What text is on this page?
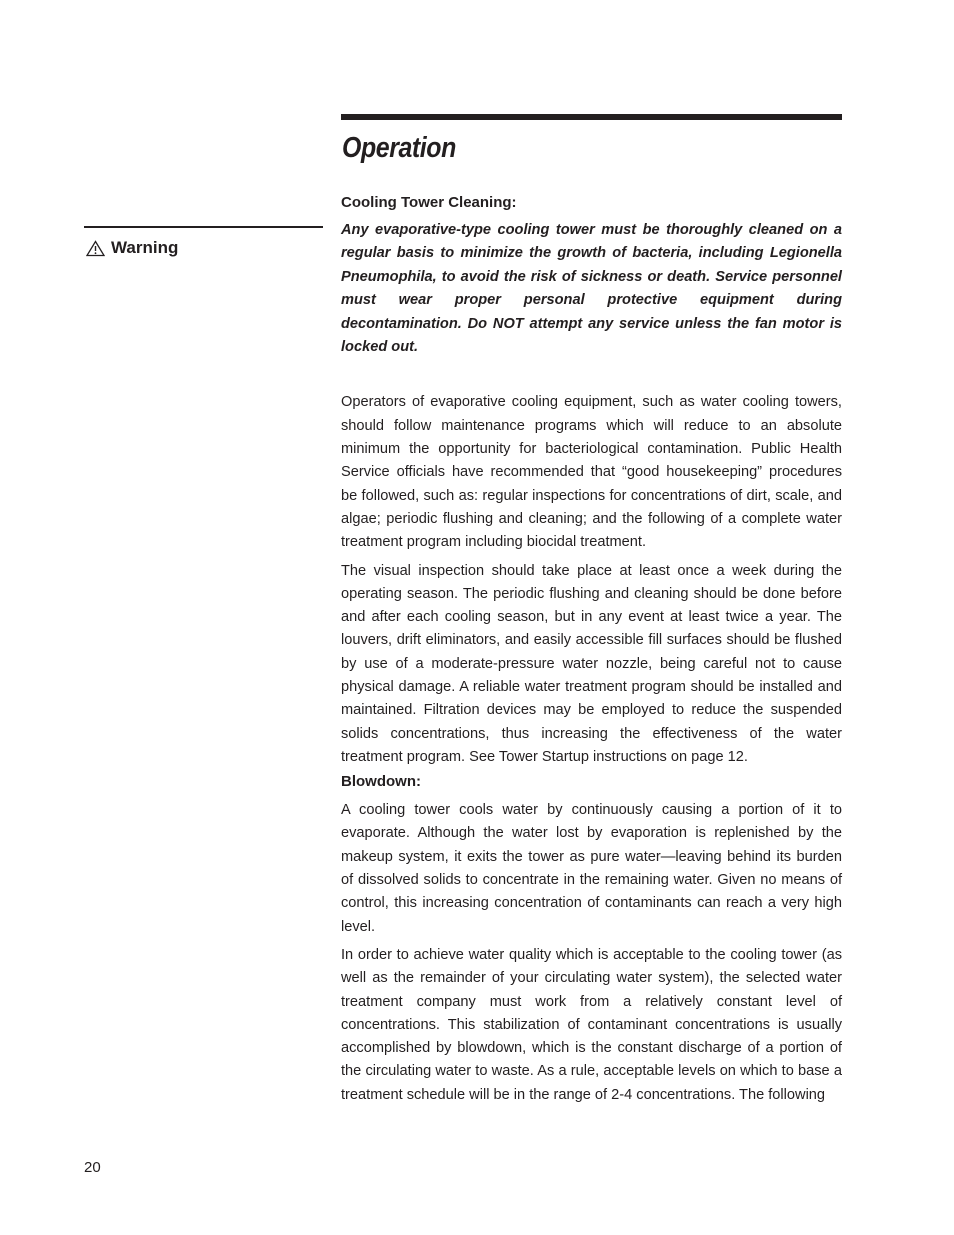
Operation
Warning
Cooling Tower Cleaning:

Any evaporative-type cooling tower must be thoroughly cleaned on a regular basis to minimize the growth of bacteria, including Legionella Pneumophila, to avoid the risk of sickness or death. Service personnel must wear proper personal protective equipment during decontamination. Do NOT attempt any service unless the fan motor is locked out.

Operators of evaporative cooling equipment, such as water cooling towers, should follow maintenance programs which will reduce to an absolute minimum the opportunity for bacteriological contamination. Public Health Service officials have recommended that “good housekeeping” procedures be followed, such as: regular inspections for concentrations of dirt, scale, and algae; periodic flushing and cleaning; and the following of a complete water treatment program including biocidal treatment.

The visual inspection should take place at least once a week during the operating season. The periodic flushing and cleaning should be done before and after each cooling season, but in any event at least twice a year. The louvers, drift eliminators, and easily accessible fill surfaces should be flushed by use of a moderate-pressure water nozzle, being careful not to cause physical damage. A reliable water treatment program should be installed and maintained. Filtration devices may be employed to reduce the suspended solids concentrations, thus increasing the effectiveness of the water treatment program. See Tower Startup instructions on page 12.

Blowdown:

A cooling tower cools water by continuously causing a portion of it to evaporate. Although the water lost by evaporation is replenished by the makeup system, it exits the tower as pure water—leaving behind its burden of dissolved solids to concentrate in the remaining water. Given no means of control, this increasing concentration of contaminants can reach a very high level.

In order to achieve water quality which is acceptable to the cooling tower (as well as the remainder of your circulating water system), the selected water treatment company must work from a relatively constant level of concentrations. This stabilization of contaminant concentrations is usually accomplished by blowdown, which is the constant discharge of a portion of the circulating water to waste. As a rule, acceptable levels on which to base a treatment schedule will be in the range of 2-4 concentrations. The following

20
